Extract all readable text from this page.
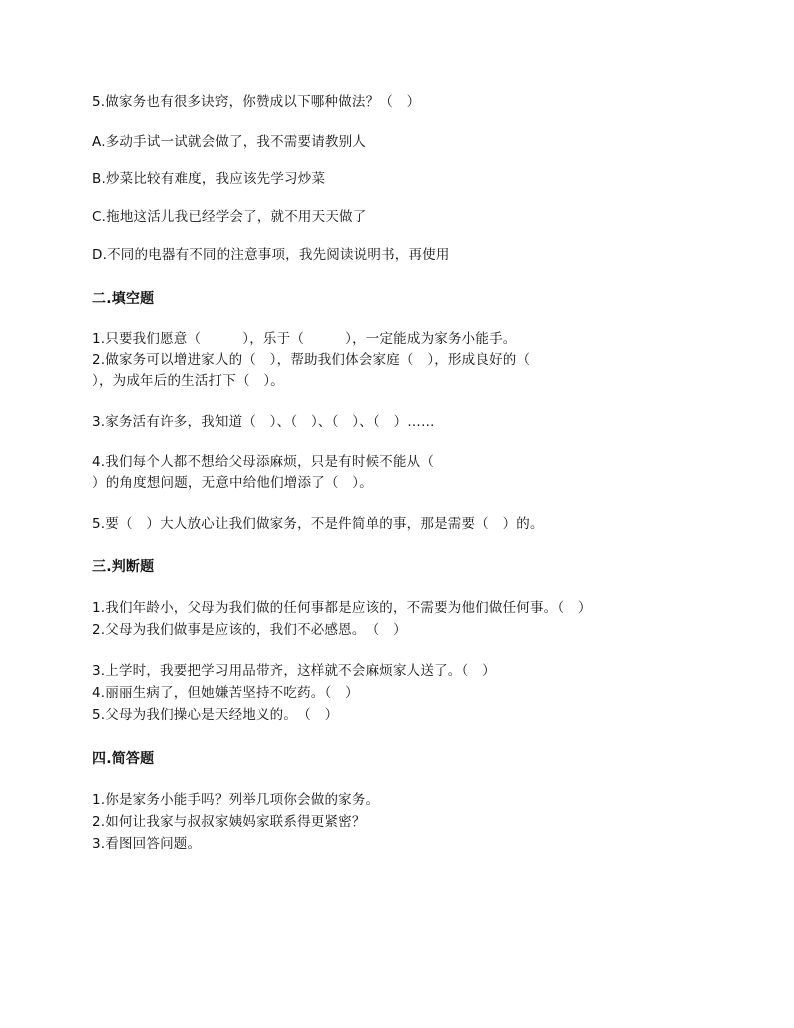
5.做家务也有很多诀窍，你赞成以下哪种做法？（　）
A.多动手试一试就会做了，我不需要请教别人
B.炒菜比较有难度，我应该先学习炒菜
C.拖地这活儿我已经学会了，就不用天天做了
D.不同的电器有不同的注意事项，我先阅读说明书，再使用
二.填空题
1.只要我们愿意（　　　），乐于（　　　），一定能成为家务小能手。
2.做家务可以增进家人的（　），帮助我们体会家庭（　），形成良好的（
），为成年后的生活打下（　）。
3.家务活有许多，我知道（　）、（　）、（　）、（　）……
4.我们每个人都不想给父母添麻烦，只是有时候不能从（
）的角度想问题，无意中给他们增添了（　）。
5.要（　）大人放心让我们做家务，不是件简单的事，那是需要（　）的。
三.判断题
1.我们年龄小，父母为我们做的任何事都是应该的，不需要为他们做任何事。（　）
2.父母为我们做事是应该的，我们不必感恩。　（　）
3.上学时，我要把学习用品带齐，这样就不会麻烦家人送了。（　）
4.丽丽生病了，但她嫌苦坚持不吃药。（　）
5.父母为我们操心是天经地义的。　（　）
四.简答题
1.你是家务小能手吗？列举几项你会做的家务。
2.如何让我家与叔叔家姨妈家联系得更紧密？
3.看图回答问题。
